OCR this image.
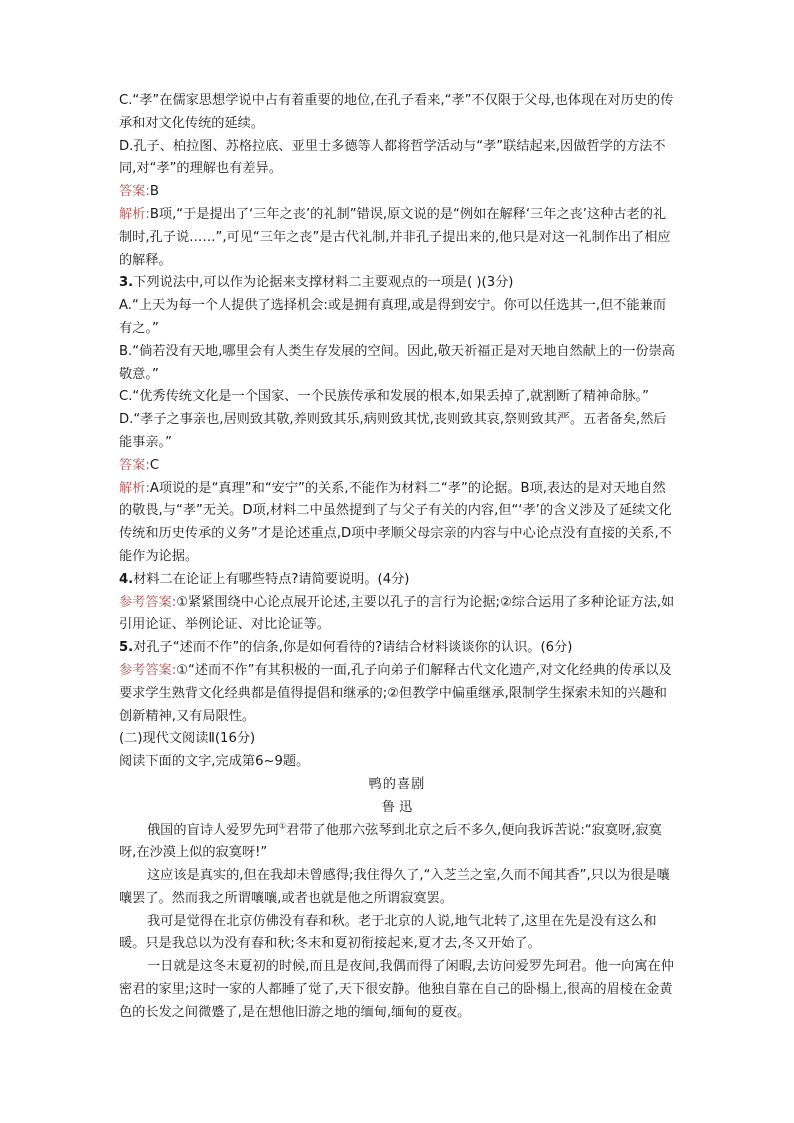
C.“孝”在儒家思想学说中占有着重要的地位,在孔子看来,“孝”不仅限于父母,也体现在对历史的传承和对文化传统的延续。
D.孔子、柏拉图、苏格拉底、亚里士多德等人都将哲学活动与“孝”联结起来,因做哲学的方法不同,对“孝”的理解也有差异。
答案:B
解析:B项,“于是提出了‘三年之丧’的礼制”错误,原文说的是“例如在解释‘三年之丧’这种古老的礼制时,孔子说……”,可见“三年之丧”是古代礼制,并非孔子提出来的,他只是对这一礼制作出了相应的解释。
3.下列说法中,可以作为论据来支撑材料二主要观点的一项是( )(3分)
A.“上天为每一个人提供了选择机会:或是拥有真理,或是得到安宁。你可以任选其一,但不能兼而有之。”
B.“倘若没有天地,哪里会有人类生存发展的空间。因此,敬天祈福正是对天地自然献上的一份崇高敬意。”
C.“优秀传统文化是一个国家、一个民族传承和发展的根本,如果丢掉了,就割断了精神命脉。”
D.“孝子之事亲也,居则致其敬,养则致其乐,病则致其忧,丧则致其哀,祭则致其严。五者备矣,然后能事亲。”
答案:C
解析:A项说的是“真理”和“安宁”的关系,不能作为材料二“孝”的论据。B项,表达的是对天地自然的敬畏,与“孝”无关。D项,材料二中虽然提到了与父子有关的内容,但“‘孝’的含义涉及了延续文化传统和历史传承的义务”才是论述重点,D项中孝顺父母宗亲的内容与中心论点没有直接的关系,不能作为论据。
4.材料二在论证上有哪些特点?请简要说明。(4分)
参考答案:①紧紧围绕中心论点展开论述,主要以孔子的言行为论据;②综合运用了多种论证方法,如引用论证、举例论证、对比论证等。
5.对孔子“述而不作”的信条,你是如何看待的?请结合材料谈谈你的认识。(6分)
参考答案:①“述而不作”有其积极的一面,孔子向弟子们解释古代文化遗产,对文化经典的传承以及要求学生熟背文化经典都是值得提倡和继承的;②但教学中偏重继承,限制学生探索未知的兴趣和创新精神,又有局限性。
(二)现代文阅读Ⅱ(16分)
阅读下面的文字,完成第6~9题。
鸭的喜剧
鲁 迅
俄国的盲诗人爱罗先珂①君带了他那六弦琴到北京之后不多久,便向我诉苦说:“寂寞呀,寂寞呀,在沙漠上似的寂寞呀!”
这应该是真实的,但在我却未曾感得;我住得久了,“入芝兰之室,久而不闻其香”,只以为很是嚷嚷罢了。然而我之所谓嚷嚷,或者也就是他之所谓寂寞罢。
我可是觉得在北京仿佛没有春和秋。老于北京的人说,地气北转了,这里在先是没有这么和暖。只是我总以为没有春和秋;冬末和夏初衔接起来,夏才去,冬又开始了。
一日就是这冬末夏初的时候,而且是夜间,我偶而得了闲暇,去访问爱罗先珂君。他一向寓在仲密君的家里;这时一家的人都睡了觉了,天下很安静。他独自靠在自己的卧榻上,很高的眉棱在金黄色的长发之间微蹙了,是在想他旧游之地的缅甸,缅甸的夏夜。
